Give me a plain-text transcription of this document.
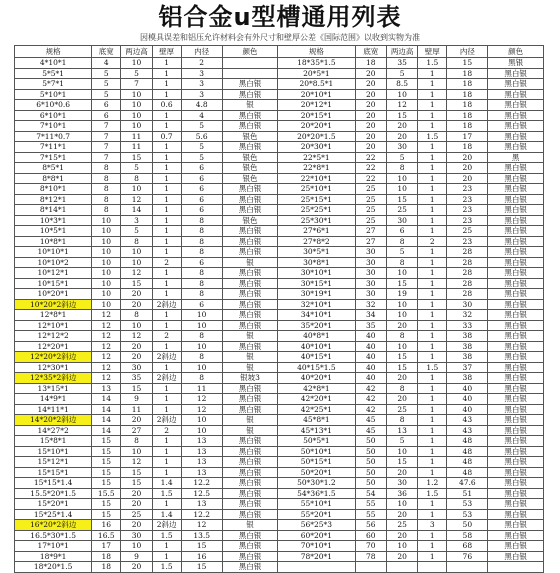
铝合金u型槽通用列表
因模具误差和铝压允许材料会有外尺寸和壁厚公差《国际范围》以收到实物为准
规格	底宽	两边高	壁厚	内径	颜色	规格	底宽	两边高	壁厚	内径	颜色
4*10*1	4	10	1	2		18*35*1.5	18	35	1.5	15	黑银
5*5*1	5	5	1	3		20*5*1	20	5	1	18	黑白银
5*7*1	5	7	1	3	黑白银	20*8.5*1	20	8.5	1	18	黑白银
5*10*1	5	10	1	3	黑白银	20*10*1	20	10	1	18	黑白银
6*10*0.6	6	10	0.6	4.8	银	20*12*1	20	12	1	18	黑白银
6*10*1	6	10	1	4	黑白银	20*15*1	20	15	1	18	黑白银
7*10*1	7	10	1	5	黑白银	20*20*1	20	20	1	18	黑白银
7*11*0.7	7	11	0.7	5.6	银色	20*20*1.5	20	20	1.5	17	黑白银
7*11*1	7	11	1	5	黑白银	20*30*1	20	30	1	18	黑白银
7*15*1	7	15	1	5	银色	22*5*1	22	5	1	20	黑
8*5*1	8	5	1	6	银色	22*8*1	22	8	1	20	黑白银
8*8*1	8	8	1	6	银色	22*10*1	22	10	1	20	黑白银
8*10*1	8	10	1	6	黑白银	25*10*1	25	10	1	23	黑白银
8*12*1	8	12	1	6	黑白银	25*15*1	25	15	1	23	黑白银
8*14*1	8	14	1	6	黑白银	25*25*1	25	25	1	23	黑白银
10*3*1	10	3	1	8	银色	25*30*1	25	30	1	23	黑白银
10*5*1	10	5	1	8	黑白银	27*6*1	27	6	1	25	黑白银
10*8*1	10	8	1	8	黑白银	27*8*2	27	8	2	23	黑白银
10*10*1	10	10	1	8	黑白银	30*5*1	30	5	1	28	黑白银
10*10*2	10	10	2	6	银	30*8*1	30	8	1	28	黑白银
10*12*1	10	12	1	8	黑白银	30*10*1	30	10	1	28	黑白银
10*15*1	10	15	1	8	黑白银	30*15*1	30	15	1	28	黑白银
10*20*1	10	20	1	8	黑白银	30*19*1	30	19	1	28	黑白银
10*20*2斜边	10	20	2斜边	6	黑白银	32*10*1	32	10	1	30	黑白银
12*8*1	12	8	1	10	黑白银	34*10*1	34	10	1	32	黑白银
12*10*1	12	10	1	10	黑白银	35*20*1	35	20	1	33	黑白银
12*12*2	12	12	2	8	银	40*8*1	40	8	1	38	黑白银
12*20*1	12	20	1	10	黑白银	40*10*1	40	10	1	38	黑白银
12*20*2斜边	12	20	2斜边	8	银	40*15*1	40	15	1	38	黑白银
12*30*1	12	30	1	10	银	40*15*1.5	40	15	1.5	37	黑白银
12*35*2斜边	12	35	2斜边	8	银坡3	40*20*1	40	20	1	38	黑白银
13*15*1	13	15	1	11	黑白银	42*8*1	42	8	1	40	黑白银
14*9*1	14	9	1	12	黑白银	42*20*1	42	20	1	40	黑白银
14*11*1	14	11	1	12	黑白银	42*25*1	42	25	1	40	黑白银
14*20*2斜边	14	20	2斜边	10	银	45*8*1	45	8	1	43	黑白银
14*27*2	14	27	2	10	银	45*13*1	45	13	1	43	黑白银
15*8*1	15	8	1	13	黑白银	50*5*1	50	5	1	48	黑白银
15*10*1	15	10	1	13	黑白银	50*10*1	50	10	1	48	黑白银
15*12*1	15	12	1	13	黑白银	50*15*1	50	15	1	48	黑白银
15*15*1	15	15	1	13	黑白银	50*20*1	50	20	1	48	黑白银
15*15*1.4	15	15	1.4	12.2	黑白银	50*30*1.2	50	30	1.2	47.6	黑白银
15.5*20*1.5	15.5	20	1.5	12.5	黑白银	54*36*1.5	54	36	1.5	51	黑白银
15*20*1	15	20	1	13	黑白银	55*10*1	55	10	1	53	黑白银
15*25*1.4	15	25	1.4	12.2	黑白银	55*20*1	55	20	1	53	黑白银
16*20*2斜边	16	20	2斜边	12	银	56*25*3	56	25	3	50	黑白银
16.5*30*1.5	16.5	30	1.5	13.5	黑白银	60*20*1	60	20	1	58	黑白银
17*10*1	17	10	1	15	黑白银	70*10*1	70	10	1	68	黑白银
18*9*1	18	9	1	16	黑白银	78*20*1	78	20	1	76	黑白银
18*20*1.5	18	20	1.5	15	黑白银						
